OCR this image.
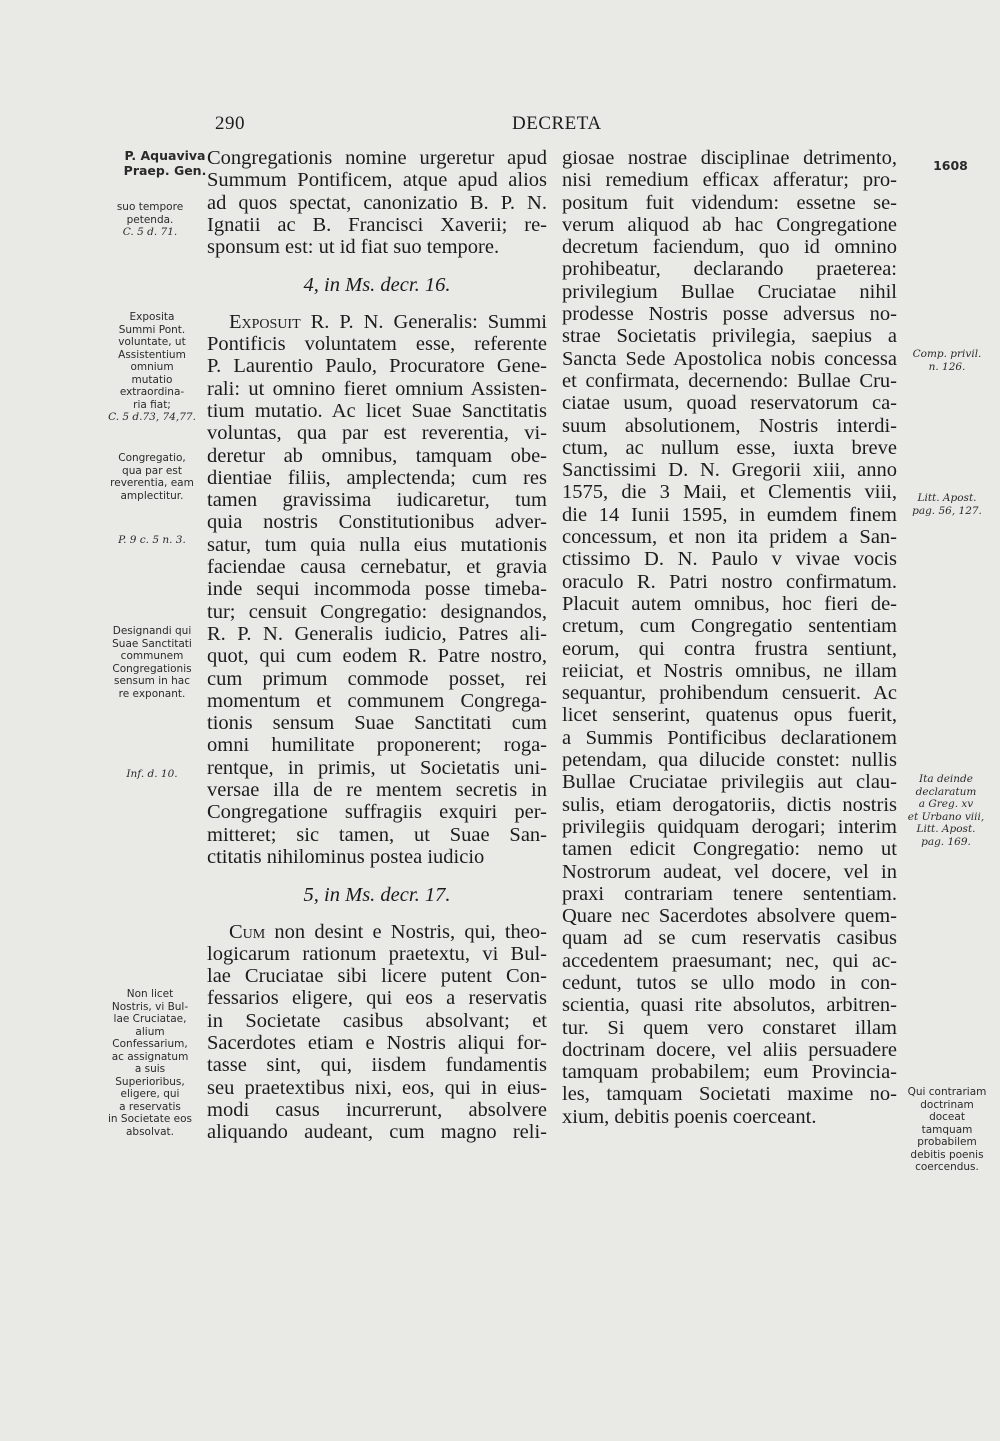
290	DECRETA
1608
P. Aquaviva
Praep. Gen.
suo tempore
petenda.
C. 5 d. 71.
Exposita
Summi Pont.
voluntate, ut
Assistentium
omnium
mutatio
extraordina-
ria fiat;
C. 5 d.73, 74,77.
Congregatio,
qua par est
reverentia, eam
amplectitur.
P. 9 c. 5 n. 3.
Designandi qui
Suae Sanctitati
communem
Congregationis
sensum in hac
re exponant.
Inf. d. 10.
Non licet
Nostris, vi Bul-
lae Cruciatae,
alium
Confessarium,
ac assignatum
a suis
Superioribus,
eligere, qui
a reservatis
in Societate eos
absolvat.
Comp. privil.
n. 126.
Litt. Apost.
pag. 56, 127.
Ita deinde
declaratum
a Greg. xv
et Urbano viii,
Litt. Apost.
pag. 169.
Qui contrariam
doctrinam
doceat
tamquam
probabilem
debitis poenis
coercendus.

Congregationis nomine urgeretur apud
Summum Pontificem, atque apud alios
ad quos spectat, canonizatio B. P. N.
Ignatii ac B. Francisci Xaverii; re-
sponsum est: ut id fiat suo tempore.

4, in Ms. decr. 16.

Exposuit R. P. N. Generalis: Summi
Pontificis voluntatem esse, referente
P. Laurentio Paulo, Procuratore Gene-
rali: ut omnino fieret omnium Assisten-
tium mutatio. Ac licet Suae Sanctitatis
voluntas, qua par est reverentia, vi-
deretur ab omnibus, tamquam obe-
dientiae filiis, amplectenda; cum res
tamen gravissima iudicaretur, tum
quia nostris Constitutionibus adver-
satur, tum quia nulla eius mutationis
faciendae causa cernebatur, et gravia
inde sequi incommoda posse timeba-
tur; censuit Congregatio: designandos,
R. P. N. Generalis iudicio, Patres ali-
quot, qui cum eodem R. Patre nostro,
cum primum commode posset, rei
momentum et communem Congrega-
tionis sensum Suae Sanctitati cum
omni humilitate proponerent; roga-
rentque, in primis, ut Societatis uni-
versae illa de re mentem secretis in
Congregatione suffragiis exquiri per-
mitteret; sic tamen, ut Suae San-
ctitatis nihilominus postea iudicio

5, in Ms. decr. 17.

Cum non desint e Nostris, qui, theo-
logicarum rationum praetextu, vi Bul-
lae Cruciatae sibi licere putent Con-
fessarios eligere, qui eos a reservatis
in Societate casibus absolvant; et
Sacerdotes etiam e Nostris aliqui for-
tasse sint, qui, iisdem fundamentis
seu praetextibus nixi, eos, qui in eius-
modi casus incurrerunt, absolvere
aliquando audeant, cum magno reli-

giosae nostrae disciplinae detrimento,
nisi remedium efficax afferatur; pro-
positum fuit videndum: essetne se-
verum aliquod ab hac Congregatione
decretum faciendum, quo id omnino
prohibeatur, declarando praeterea:
privilegium Bullae Cruciatae nihil
prodesse Nostris posse adversus no-
strae Societatis privilegia, saepius a
Sancta Sede Apostolica nobis concessa
et confirmata, decernendo: Bullae Cru-
ciatae usum, quoad reservatorum ca-
suum absolutionem, Nostris interdi-
ctum, ac nullum esse, iuxta breve
Sanctissimi D. N. Gregorii xiii, anno
1575, die 3 Maii, et Clementis viii,
die 14 Iunii 1595, in eumdem finem
concessum, et non ita pridem a San-
ctissimo D. N. Paulo v vivae vocis
oraculo R. Patri nostro confirmatum.
Placuit autem omnibus, hoc fieri de-
cretum, cum Congregatio sententiam
eorum, qui contra frustra sentiunt,
reiiciat, et Nostris omnibus, ne illam
sequantur, prohibendum censuerit. Ac
licet senserint, quatenus opus fuerit,
a Summis Pontificibus declarationem
petendam, qua dilucide constet: nullis
Bullae Cruciatae privilegiis aut clau-
sulis, etiam derogatoriis, dictis nostris
privilegiis quidquam derogari; interim
tamen edicit Congregatio: nemo ut
Nostrorum audeat, vel docere, vel in
praxi contrariam tenere sententiam.
Quare nec Sacerdotes absolvere quem-
quam ad se cum reservatis casibus
accedentem praesumant; nec, qui ac-
cedunt, tutos se ullo modo in con-
scientia, quasi rite absolutos, arbitren-
tur. Si quem vero constaret illam
doctrinam docere, vel aliis persuadere
tamquam probabilem; eum Provincia-
les, tamquam Societati maxime no-
xium, debitis poenis coerceant.
